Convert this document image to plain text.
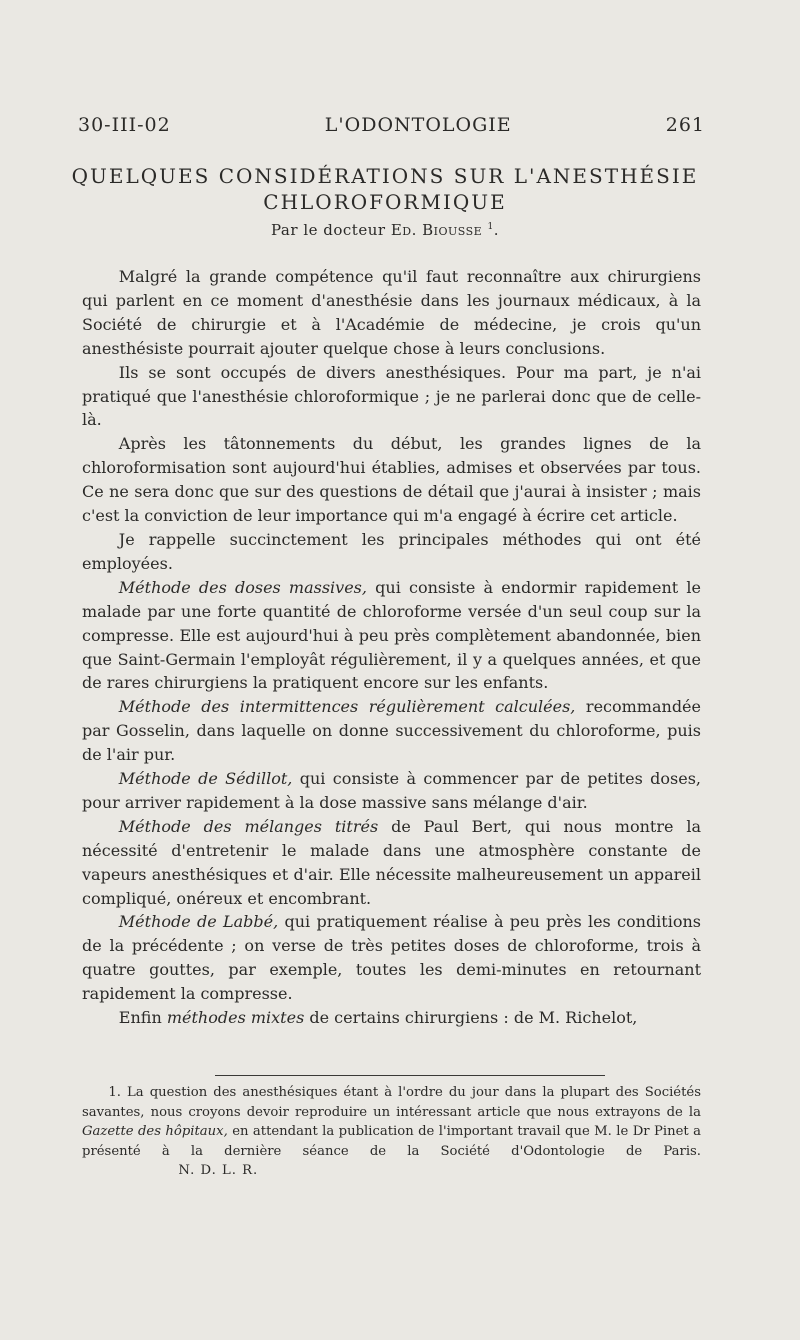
30-III-02	L'ODONTOLOGIE	261
QUELQUES CONSIDÉRATIONS SUR L'ANESTHÉSIE
CHLOROFORMIQUE
Par le docteur Ed. Biousse $^1$.

Malgré la grande compétence qu'il faut reconnaître aux chirurgiens qui parlent en ce moment d'anesthésie dans les journaux médicaux, à la Société de chirurgie et à l'Académie de médecine, je crois qu'un anesthésiste pourrait ajouter quelque chose à leurs conclusions.

Ils se sont occupés de divers anesthésiques. Pour ma part, je n'ai pratiqué que l'anesthésie chloroformique ; je ne parlerai donc que de celle-là.

Après les tâtonnements du début, les grandes lignes de la chloroformisation sont aujourd'hui établies, admises et observées par tous. Ce ne sera donc que sur des questions de détail que j'aurai à insister ; mais c'est la conviction de leur importance qui m'a engagé à écrire cet article.

Je rappelle succinctement les principales méthodes qui ont été employées.

Méthode des doses massives, qui consiste à endormir rapidement le malade par une forte quantité de chloroforme versée d'un seul coup sur la compresse. Elle est aujourd'hui à peu près complètement abandonnée, bien que Saint-Germain l'employât régulièrement, il y a quelques années, et que de rares chirurgiens la pratiquent encore sur les enfants.

Méthode des intermittences régulièrement calculées, recommandée par Gosselin, dans laquelle on donne successivement du chloroforme, puis de l'air pur.

Méthode de Sédillot, qui consiste à commencer par de petites doses, pour arriver rapidement à la dose massive sans mélange d'air.

Méthode des mélanges titrés de Paul Bert, qui nous montre la nécessité d'entretenir le malade dans une atmosphère constante de vapeurs anesthésiques et d'air. Elle nécessite malheureusement un appareil compliqué, onéreux et encombrant.

Méthode de Labbé, qui pratiquement réalise à peu près les conditions de la précédente ; on verse de très petites doses de chloroforme, trois à quatre gouttes, par exemple, toutes les demi-minutes en retournant rapidement la compresse.

Enfin méthodes mixtes de certains chirurgiens : de M. Richelot,

1. La question des anesthésiques étant à l'ordre du jour dans la plupart des Sociétés savantes, nous croyons devoir reproduire un intéressant article que nous extrayons de la Gazette des hôpitaux, en attendant la publication de l'important travail que M. le Dr Pinet a présenté à la dernière séance de la Société d'Odontologie de Paris.N. D. L. R.
